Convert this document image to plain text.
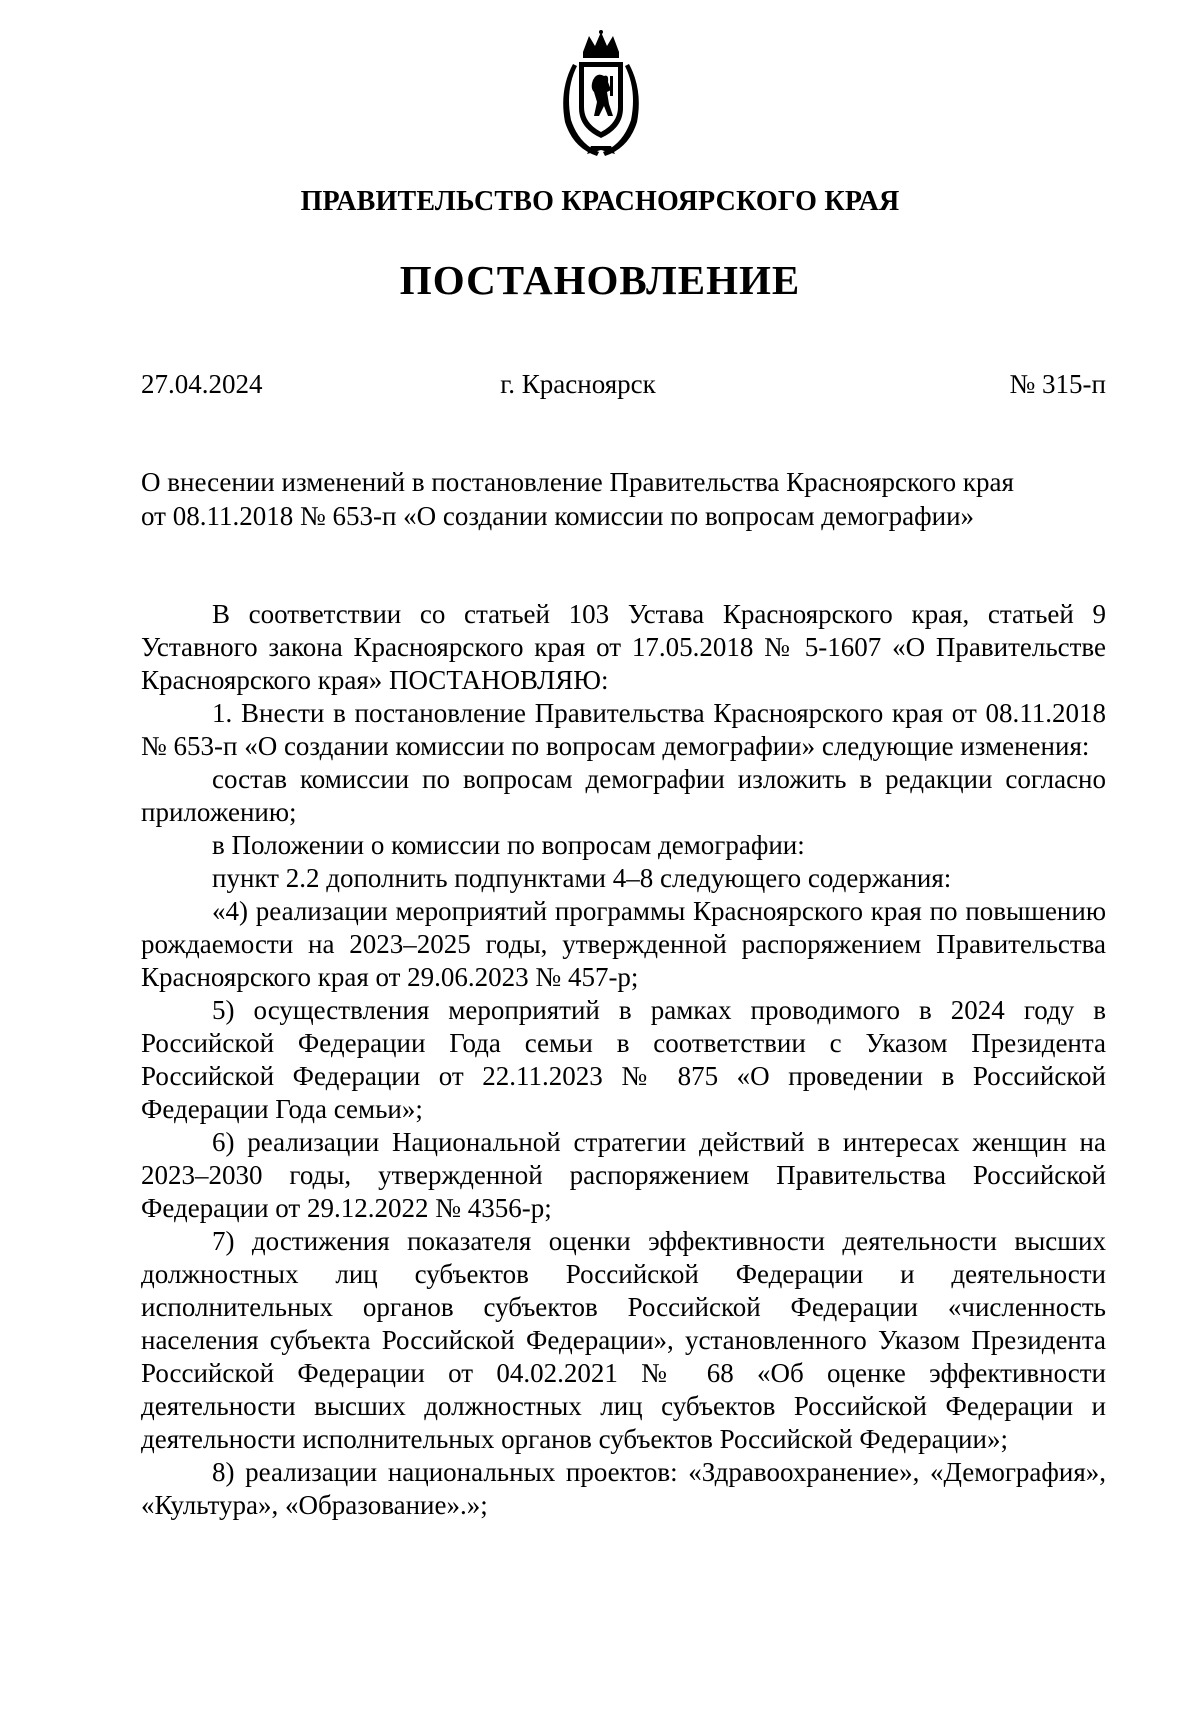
ПРАВИТЕЛЬСТВО КРАСНОЯРСКОГО КРАЯ
ПОСТАНОВЛЕНИЕ
27.04.2024	г. Красноярск	№ 315-п
О внесении изменений в постановление Правительства Красноярского края
от 08.11.2018 № 653-п «О создании комиссии по вопросам демографии»

В соответствии со статьей 103 Устава Красноярского края, статьей 9 Уставного закона Красноярского края от 17.05.2018 № 5-1607 «О Правительстве Красноярского края» ПОСТАНОВЛЯЮ:

1. Внести в постановление Правительства Красноярского края от 08.11.2018 № 653-п «О создании комиссии по вопросам демографии» следующие изменения:

состав комиссии по вопросам демографии изложить в редакции согласно приложению;

в Положении о комиссии по вопросам демографии:

пункт 2.2 дополнить подпунктами 4–8 следующего содержания:

«4) реализации мероприятий программы Красноярского края по повышению рождаемости на 2023–2025 годы, утвержденной распоряжением Правительства Красноярского края от 29.06.2023 № 457-р;

5) осуществления мероприятий в рамках проводимого в 2024 году в Российской Федерации Года семьи в соответствии с Указом Президента Российской Федерации от 22.11.2023 № 875 «О проведении в Российской Федерации Года семьи»;

6) реализации Национальной стратегии действий в интересах женщин на 2023–2030 годы, утвержденной распоряжением Правительства Российской Федерации от 29.12.2022 № 4356-р;

7) достижения показателя оценки эффективности деятельности высших должностных лиц субъектов Российской Федерации и деятельности исполнительных органов субъектов Российской Федерации «численность населения субъекта Российской Федерации», установленного Указом Президента Российской Федерации от 04.02.2021 № 68 «Об оценке эффективности деятельности высших должностных лиц субъектов Российской Федерации и деятельности исполнительных органов субъектов Российской Федерации»;

8) реализации национальных проектов: «Здравоохранение», «Демография», «Культура», «Образование».»;
